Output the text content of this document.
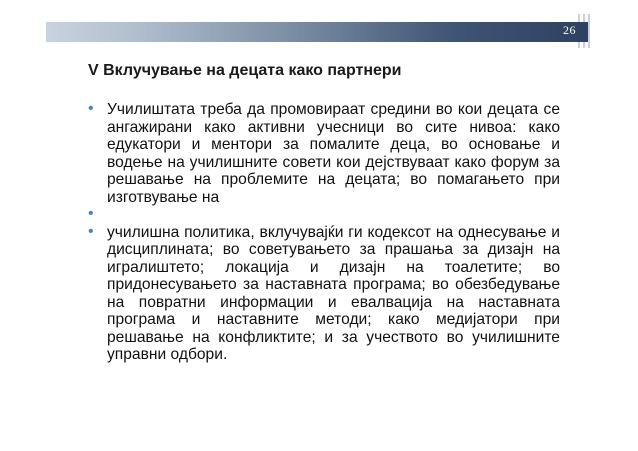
26
V Вклучување на децата како партнери
• Училиштата треба да промовираат средини во кои децата се ангажирани како активни учесници во сите нивоа: како едукатори и ментори за помалите деца, во основање и водење на училишните совети кои дејствуваат како форум за решавање на проблемите на децата; во помагањето при изготвување на
•
• училишна политика, вклучувајќи ги кодексот на однесување и дисциплината; во советувањето за прашања за дизајн на игралиштето; локација и дизајн на тоалетите; во придонесувањето за наставната програма; во обезбедување на повратни информации и евалвација на наставната програма и наставните методи; како медијатори при решавање на конфликтите; и за учеството во училишните управни одбори.
